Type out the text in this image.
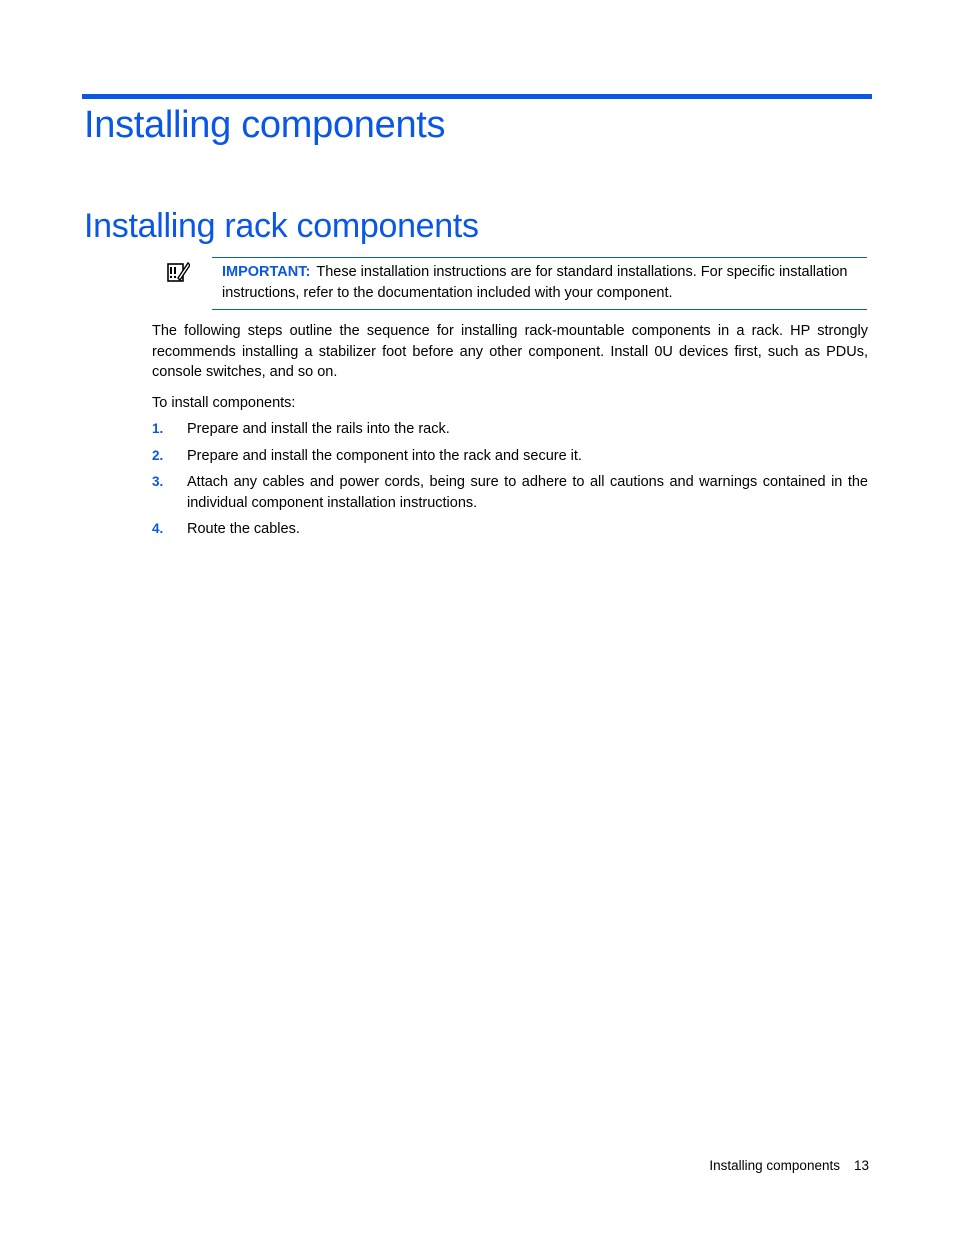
Installing components
Installing rack components
IMPORTANT: These installation instructions are for standard installations. For specific installation instructions, refer to the documentation included with your component.

The following steps outline the sequence for installing rack-mountable components in a rack. HP strongly recommends installing a stabilizer foot before any other component. Install 0U devices first, such as PDUs, console switches, and so on.

To install components:

1. Prepare and install the rails into the rack.
2. Prepare and install the component into the rack and secure it.
3. Attach any cables and power cords, being sure to adhere to all cautions and warnings contained in the individual component installation instructions.
4. Route the cables.
Installing components 13
